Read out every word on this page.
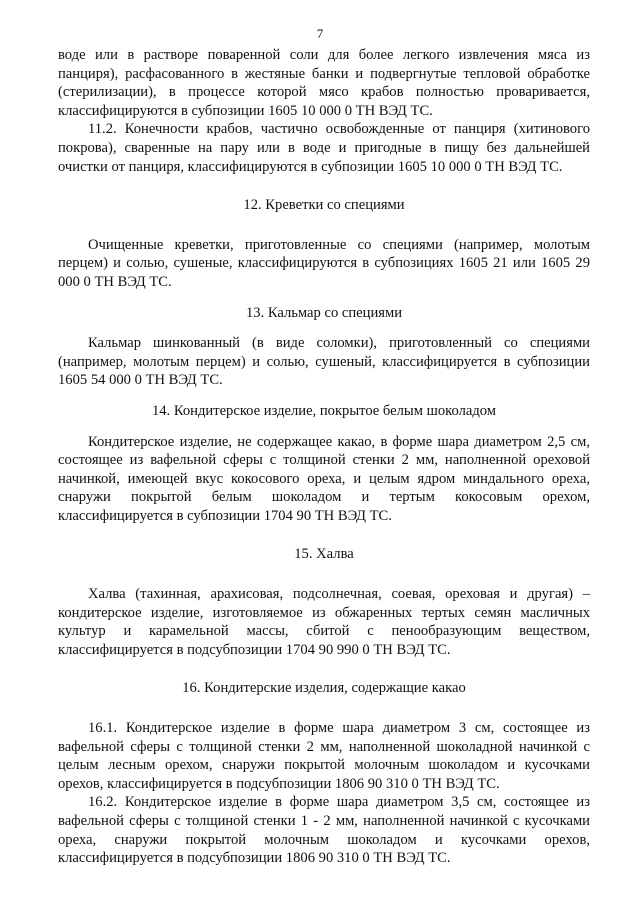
7

воде или в растворе поваренной соли для более легкого извлечения мяса из панциря), расфасованного в жестяные банки и подвергнутые тепловой обработке (стерилизации), в процессе которой мясо крабов полностью проваривается, классифицируются в субпозиции 1605 10 000 0 ТН ВЭД ТС.

11.2. Конечности крабов, частично освобожденные от панциря (хитинового покрова), сваренные на пару или в воде и пригодные в пищу без дальнейшей очистки от панциря, классифицируются в субпозиции 1605 10 000 0 ТН ВЭД ТС.

12. Креветки со специями

Очищенные креветки, приготовленные со специями (например, молотым перцем) и солью, сушеные, классифицируются в субпозициях 1605 21 или 1605 29 000 0 ТН ВЭД ТС.

13. Кальмар со специями

Кальмар шинкованный (в виде соломки), приготовленный со специями (например, молотым перцем) и солью, сушеный, классифицируется в субпозиции 1605 54 000 0 ТН ВЭД ТС.

14. Кондитерское изделие, покрытое белым шоколадом

Кондитерское изделие, не содержащее какао, в форме шара диаметром 2,5 см, состоящее из вафельной сферы с толщиной стенки 2 мм, наполненной ореховой начинкой, имеющей вкус кокосового ореха, и целым ядром миндального ореха, снаружи покрытой белым шоколадом и тертым кокосовым орехом, классифицируется в субпозиции 1704 90 ТН ВЭД ТС.

15. Халва

Халва (тахинная, арахисовая, подсолнечная, соевая, ореховая и другая) – кондитерское изделие, изготовляемое из обжаренных тертых семян масличных культур и карамельной массы, сбитой с пенообразующим веществом, классифицируется в подсубпозиции 1704 90 990 0 ТН ВЭД ТС.

16. Кондитерские изделия, содержащие какао

16.1. Кондитерское изделие в форме шара диаметром 3 см, состоящее из вафельной сферы с толщиной стенки 2 мм, наполненной шоколадной начинкой с целым лесным орехом, снаружи покрытой молочным шоколадом и кусочками орехов, классифицируется в подсубпозиции 1806 90 310 0 ТН ВЭД ТС.

16.2. Кондитерское изделие в форме шара диаметром 3,5 см, состоящее из вафельной сферы с толщиной стенки 1 - 2 мм, наполненной начинкой с кусочками ореха, снаружи покрытой молочным шоколадом и кусочками орехов, классифицируется в подсубпозиции 1806 90 310 0 ТН ВЭД ТС.
